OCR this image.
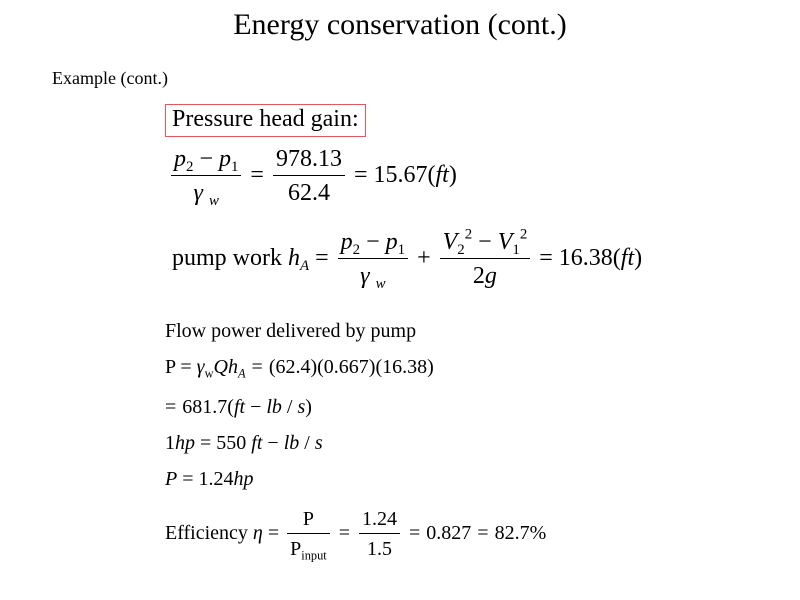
Energy conservation (cont.)
Example (cont.)
Pressure head gain:
$\frac{p_2 - p_1}{\gamma _w} = \frac{978.13}{62.4} = 15.67(ft)$
pump work $h_A = \frac{p_2 - p_1}{\gamma _w} + \frac{V_2^2 - V_1^2}{2g} = 16.38(ft)$
Flow power delivered by pump
$P = \gamma_wQh_A = (62.4)(0.667)(16.38)$
= 681.7(ft − lb / s)
1hp = 550 ft − lb / s
P = 1.24hp
Efficiency $\eta = \frac{P}{P_{input}} = \frac{1.24}{1.5} = 0.827 = 82.7\%$
